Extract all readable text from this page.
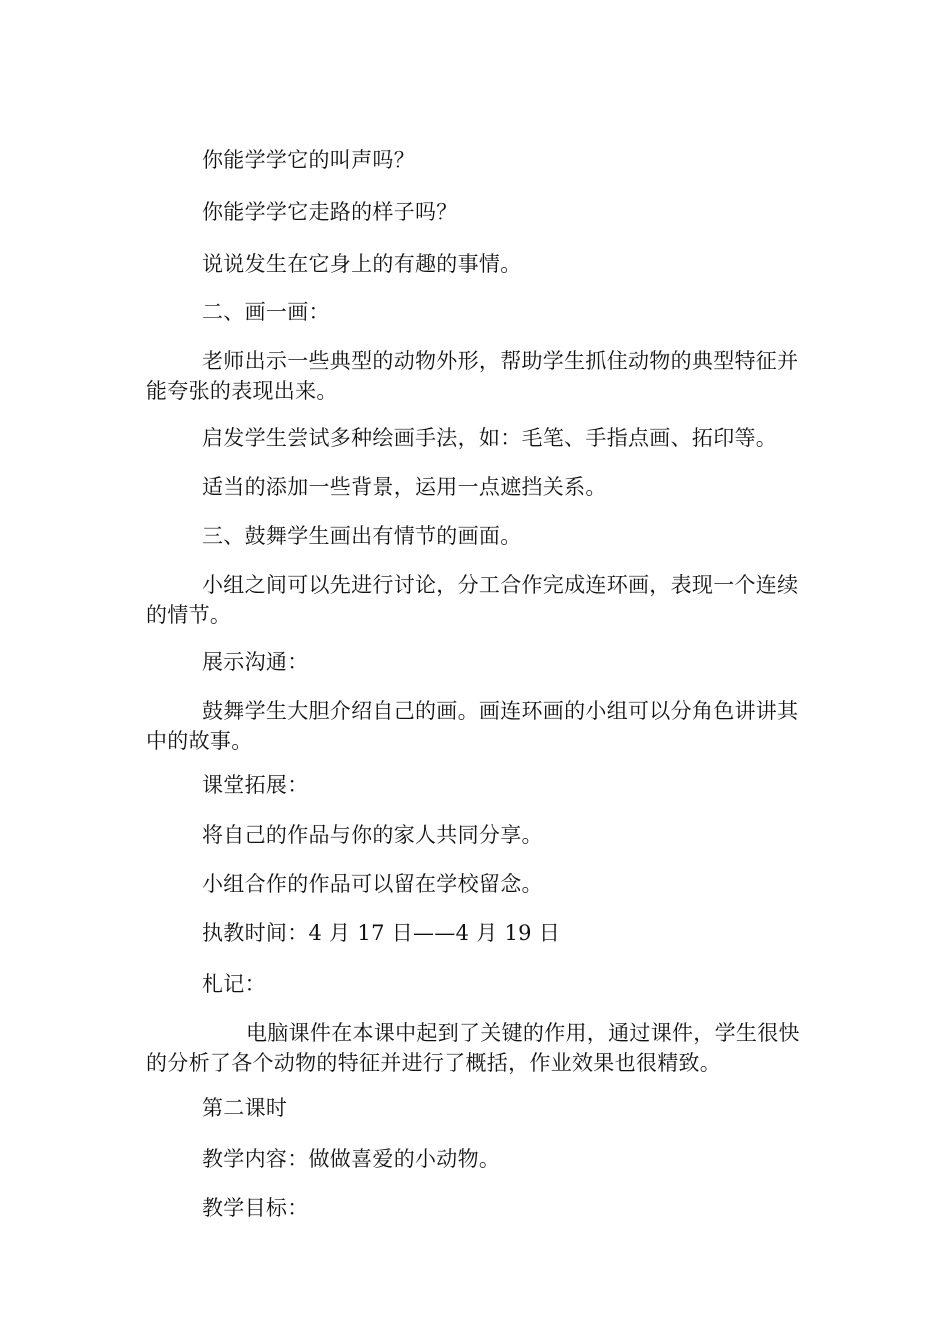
你能学学它的叫声吗？

你能学学它走路的样子吗？

说说发生在它身上的有趣的事情。

二、画一画：

老师出示一些典型的动物外形，帮助学生抓住动物的典型特征并能夸张的表现出来。

启发学生尝试多种绘画手法，如：毛笔、手指点画、拓印等。

适当的添加一些背景，运用一点遮挡关系。

三、鼓舞学生画出有情节的画面。

小组之间可以先进行讨论，分工合作完成连环画，表现一个连续的情节。

展示沟通：

鼓舞学生大胆介绍自己的画。画连环画的小组可以分角色讲讲其中的故事。

课堂拓展：

将自己的作品与你的家人共同分享。

小组合作的作品可以留在学校留念。

执教时间：4 月 17 日——4 月 19 日

札记：

电脑课件在本课中起到了关键的作用，通过课件，学生很快的分析了各个动物的特征并进行了概括，作业效果也很精致。

第二课时

教学内容：做做喜爱的小动物。

教学目标：
